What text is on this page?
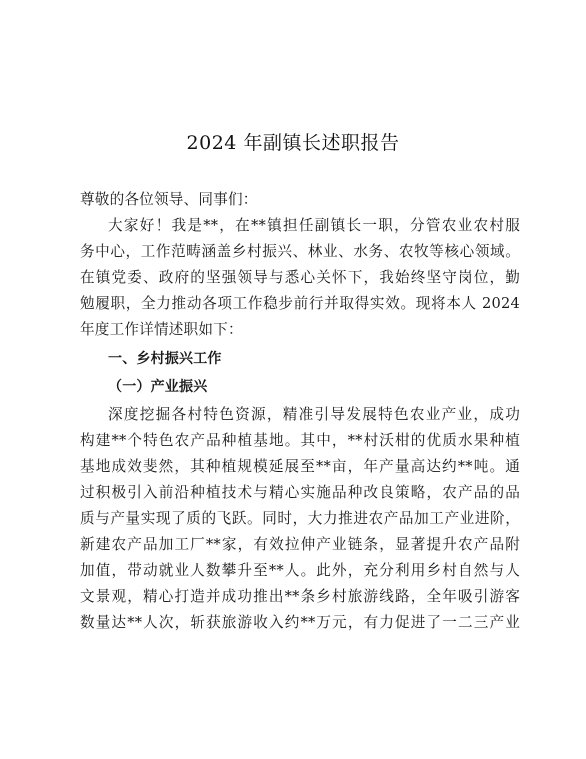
2024 年副镇长述职报告
尊敬的各位领导、同事们：
大家好！我是**，在**镇担任副镇长一职，分管农业农村服
务中心，工作范畴涵盖乡村振兴、林业、水务、农牧等核心领域。
在镇党委、政府的坚强领导与悉心关怀下，我始终坚守岗位，勤
勉履职，全力推动各项工作稳步前行并取得实效。现将本人 2024
年度工作详情述职如下：
一、乡村振兴工作
（一）产业振兴
深度挖掘各村特色资源，精准引导发展特色农业产业，成功
构建**个特色农产品种植基地。其中，**村沃柑的优质水果种植
基地成效斐然，其种植规模延展至**亩，年产量高达约**吨。通
过积极引入前沿种植技术与精心实施品种改良策略，农产品的品
质与产量实现了质的飞跃。同时，大力推进农产品加工产业进阶，
新建农产品加工厂**家，有效拉伸产业链条，显著提升农产品附
加值，带动就业人数攀升至**人。此外，充分利用乡村自然与人
文景观，精心打造并成功推出**条乡村旅游线路，全年吸引游客
数量达**人次，斩获旅游收入约**万元，有力促进了一二三产业
